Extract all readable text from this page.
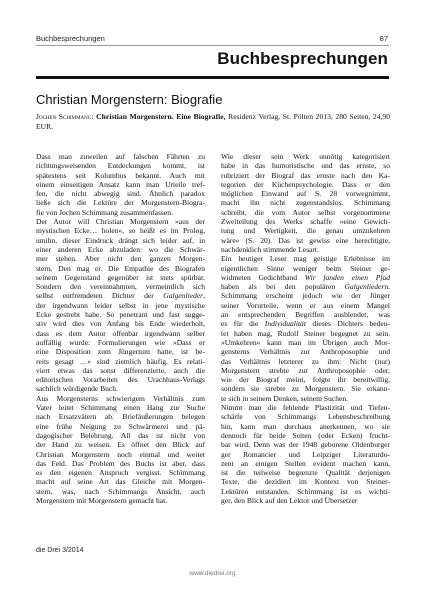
Buchbesprechungen	87
Buchbesprechungen
Christian Morgenstern: Biografie
Jochen Schimmang: Christian Morgenstern. Eine Biografie, Residenz Verlag, St. Pölten 2013, 280 Seiten, 24,90 EUR.
Dass man zuweilen auf falschen Fährten zu
richtungsweisenden Entdeckungen kommt, ist
spätestens seit Kolumbus bekannt. Auch mit
einem einseitigen Ansatz kann man Urteile tref-
fen, die nicht abwegig sind. Ähnlich paradox
ließe sich die Lektüre der Morgenstern-Biogra-
fie von Jochen Schimmang zusammenfassen.
Der Autor will Christian Morgenstern »aus der
mystischen Ecke… holen«, so heißt es im Prolog,
umihn, dieser Eindruck drängt sich leider auf, in
einer anderen Ecke abzuladen: wo die Schwär-
mer stehen. Aber nicht den ganzen Morgen-
stern. Den mag er. Die Empathie des Biografen
seinem Gegenstand gegenüber ist stets spürbar.
Sondern den vereinnahmten, vermeintlich sich
selbst entfremdeten Dichter der Galgenlieder,
der irgendwann leider selbst in jene mystische
Ecke gestrebt habe. So penetrant und fast sugge-
stiv wird dies von Anfang bis Ende wiederholt,
dass es dem Autor offenbar irgendwann selber
auffällig wurde: Formulierungen wie »Dass er
eine Disposition zum Jüngertum hatte, ist be-
reits gesagt …« sind ziemlich häufig. Es relati-
viert etwas das sonst differenzierte, auch die
editorischen Vorarbeiten des Urachhaus-Verlags
sachlich würdigende Buch.
Aus Morgensterns schwierigem Verhältnis zum
Vater leitet Schimmang einen Hang zur Suche
nach Ersatzvätern ab. Briefäußerungen belegen
eine frühe Neigung zu Schwärmerei und pä-
dagogischer Belehrung. All das ist nicht von
der Hand zu weisen. Es öffnet den Blick auf
Christian Morgenstern noch einmal und weitet
das Feld. Das Problem des Buchs ist aber, dass
es den eigenen Anspruch vergisst. Schimmang
macht auf seine Art das Gleiche mit Morgen-
stern, was, nach Schimmangs Ansicht, auch
Morgenstern mit Morgenstern gemacht hat.
Wie dieser sein Werk unnötig kategorisiert
habe in das humoristische und das ernste, so
rubriziert der Biograf das ernste nach den Ka-
tegorien der Küchenpsychologie. Dass er den
möglichen Einwand auf S. 28 vorwegnimmt,
macht ihn nicht zugenstandslos. Schimmang
schreibt, die vom Autor selbst vorgenommene
Zweiteilung des Werks schaffe »eine Gewich-
tung und Wertigkeit, die genau umzukehren
wäre« (S. 20). Das ist gewiss eine berechtigte,
nachdenklich stimmende Lesart.
Ein heutiger Leser mag geistige Erlebnisse im
eigentlichen Sinne weniger beim Steiner ge-
widmeten Gedichtband Wir fanden einen Pfad
haben als bei den populären Galgenliedern.
Schimmang erscheint jedoch wie der Jünger
seiner Vorurteile, wenn er aus einem Mangel
an entsprechenden Begriffen ausblendet, was
es für die Individualität dieses Dichters bedeu-
tet haben mag, Rudolf Steiner begegnet zu sein.
»Umkehren« kann man im Übrigen auch Mor-
gensterns Verhältnis zur Anthroposophie und
das Verhältnis letzterer zu ihm: Nicht (nur)
Morgenstern strebte zur Anthroposophie oder,
wie der Biograf meint, folgte ihr bereitwillig,
sondern sie strebte zu Morgenstern. Sie erkann-
te sich in seinem Denken, seinem Suchen.
Nimmt man die fehlende Plastizität und Tiefen-
schärfe von Schimmangs Lebensbeschreibung
hin, kann man durchaus anerkennen, wo sie
dennoch für beide Seiten (oder Ecken) frucht-
bar wird. Denn was der 1948 geborene Oldenburger
ger Romancier und Leipziger Literaturdo-
zent an einigen Stellen evident machen kann,
ist die teilweise begrenzte Qualität derjenigen
Texte, die dezidiert im Kontext von Steiner-
Lektüren entstanden. Schimmang ist es wichti-
ger, den Blick auf den Lektor und Übersetzer
die Drei 3/2014
www.diedrei.org
